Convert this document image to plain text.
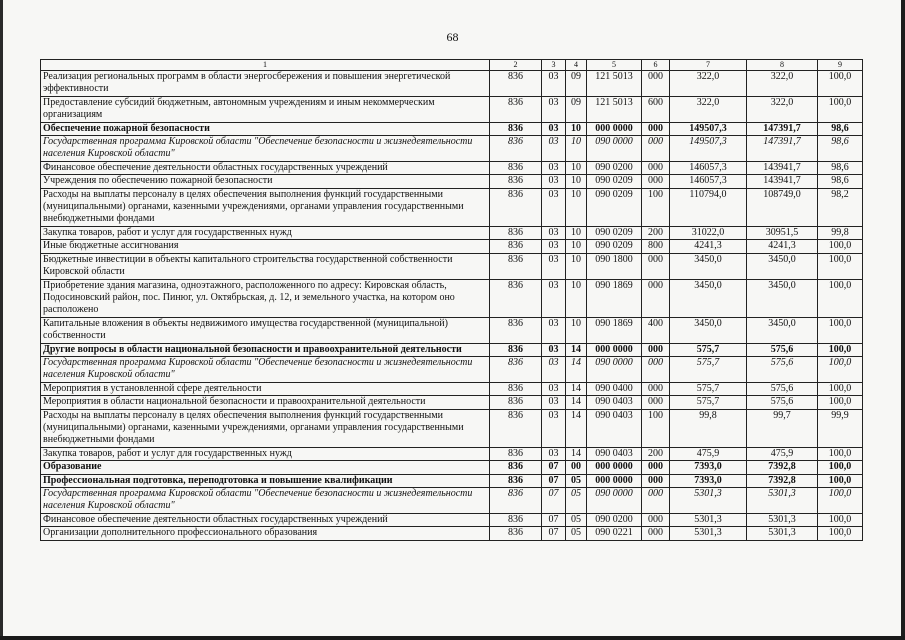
68
1	2	3	4	5	6	7	8	9
Реализация региональных программ в области энергосбережения и повышения энергетической эффективности	836	03	09	121 5013	000	322,0	322,0	100,0
Предоставление субсидий бюджетным, автономным учреждениям и иным некоммерческим организациям	836	03	09	121 5013	600	322,0	322,0	100,0
Обеспечение пожарной безопасности	836	03	10	000 0000	000	149507,3	147391,7	98,6
Государственная программа Кировской области "Обеспечение безопасности и жизнедеятельности населения Кировской области"	836	03	10	090 0000	000	149507,3	147391,7	98,6
Финансовое обеспечение деятельности областных государственных учреждений	836	03	10	090 0200	000	146057,3	143941,7	98,6
Учреждения по обеспечению пожарной безопасности	836	03	10	090 0209	000	146057,3	143941,7	98,6
Расходы на выплаты персоналу в целях обеспечения выполнения функций государственными (муниципальными) органами, казенными учреждениями, органами управления государственными внебюджетными фондами	836	03	10	090 0209	100	110794,0	108749,0	98,2
Закупка товаров, работ и услуг для государственных нужд	836	03	10	090 0209	200	31022,0	30951,5	99,8
Иные бюджетные ассигнования	836	03	10	090 0209	800	4241,3	4241,3	100,0
Бюджетные инвестиции в объекты капитального строительства государственной собственности Кировской области	836	03	10	090 1800	000	3450,0	3450,0	100,0
Приобретение здания магазина, одноэтажного, расположенного по адресу: Кировская область, Подосиновский район, пос. Пинюг, ул. Октябрьская, д. 12, и земельного участка, на котором оно расположено	836	03	10	090 1869	000	3450,0	3450,0	100,0
Капитальные вложения в объекты недвижимого имущества государственной (муниципальной) собственности	836	03	10	090 1869	400	3450,0	3450,0	100,0
Другие вопросы в области национальной безопасности и правоохранительной деятельности	836	03	14	000 0000	000	575,7	575,6	100,0
Государственная программа Кировской области "Обеспечение безопасности и жизнедеятельности населения Кировской области"	836	03	14	090 0000	000	575,7	575,6	100,0
Мероприятия в установленной сфере деятельности	836	03	14	090 0400	000	575,7	575,6	100,0
Мероприятия в области национальной безопасности и правоохранительной деятельности	836	03	14	090 0403	000	575,7	575,6	100,0
Расходы на выплаты персоналу в целях обеспечения выполнения функций государственными (муниципальными) органами, казенными учреждениями, органами управления государственными внебюджетными фондами	836	03	14	090 0403	100	99,8	99,7	99,9
Закупка товаров, работ и услуг для государственных нужд	836	03	14	090 0403	200	475,9	475,9	100,0
Образование	836	07	00	000 0000	000	7393,0	7392,8	100,0
Профессиональная подготовка, переподготовка и повышение квалификации	836	07	05	000 0000	000	7393,0	7392,8	100,0
Государственная программа Кировской области "Обеспечение безопасности и жизнедеятельности населения Кировской области"	836	07	05	090 0000	000	5301,3	5301,3	100,0
Финансовое обеспечение деятельности областных государственных учреждений	836	07	05	090 0200	000	5301,3	5301,3	100,0
Организации дополнительного профессионального образования	836	07	05	090 0221	000	5301,3	5301,3	100,0
